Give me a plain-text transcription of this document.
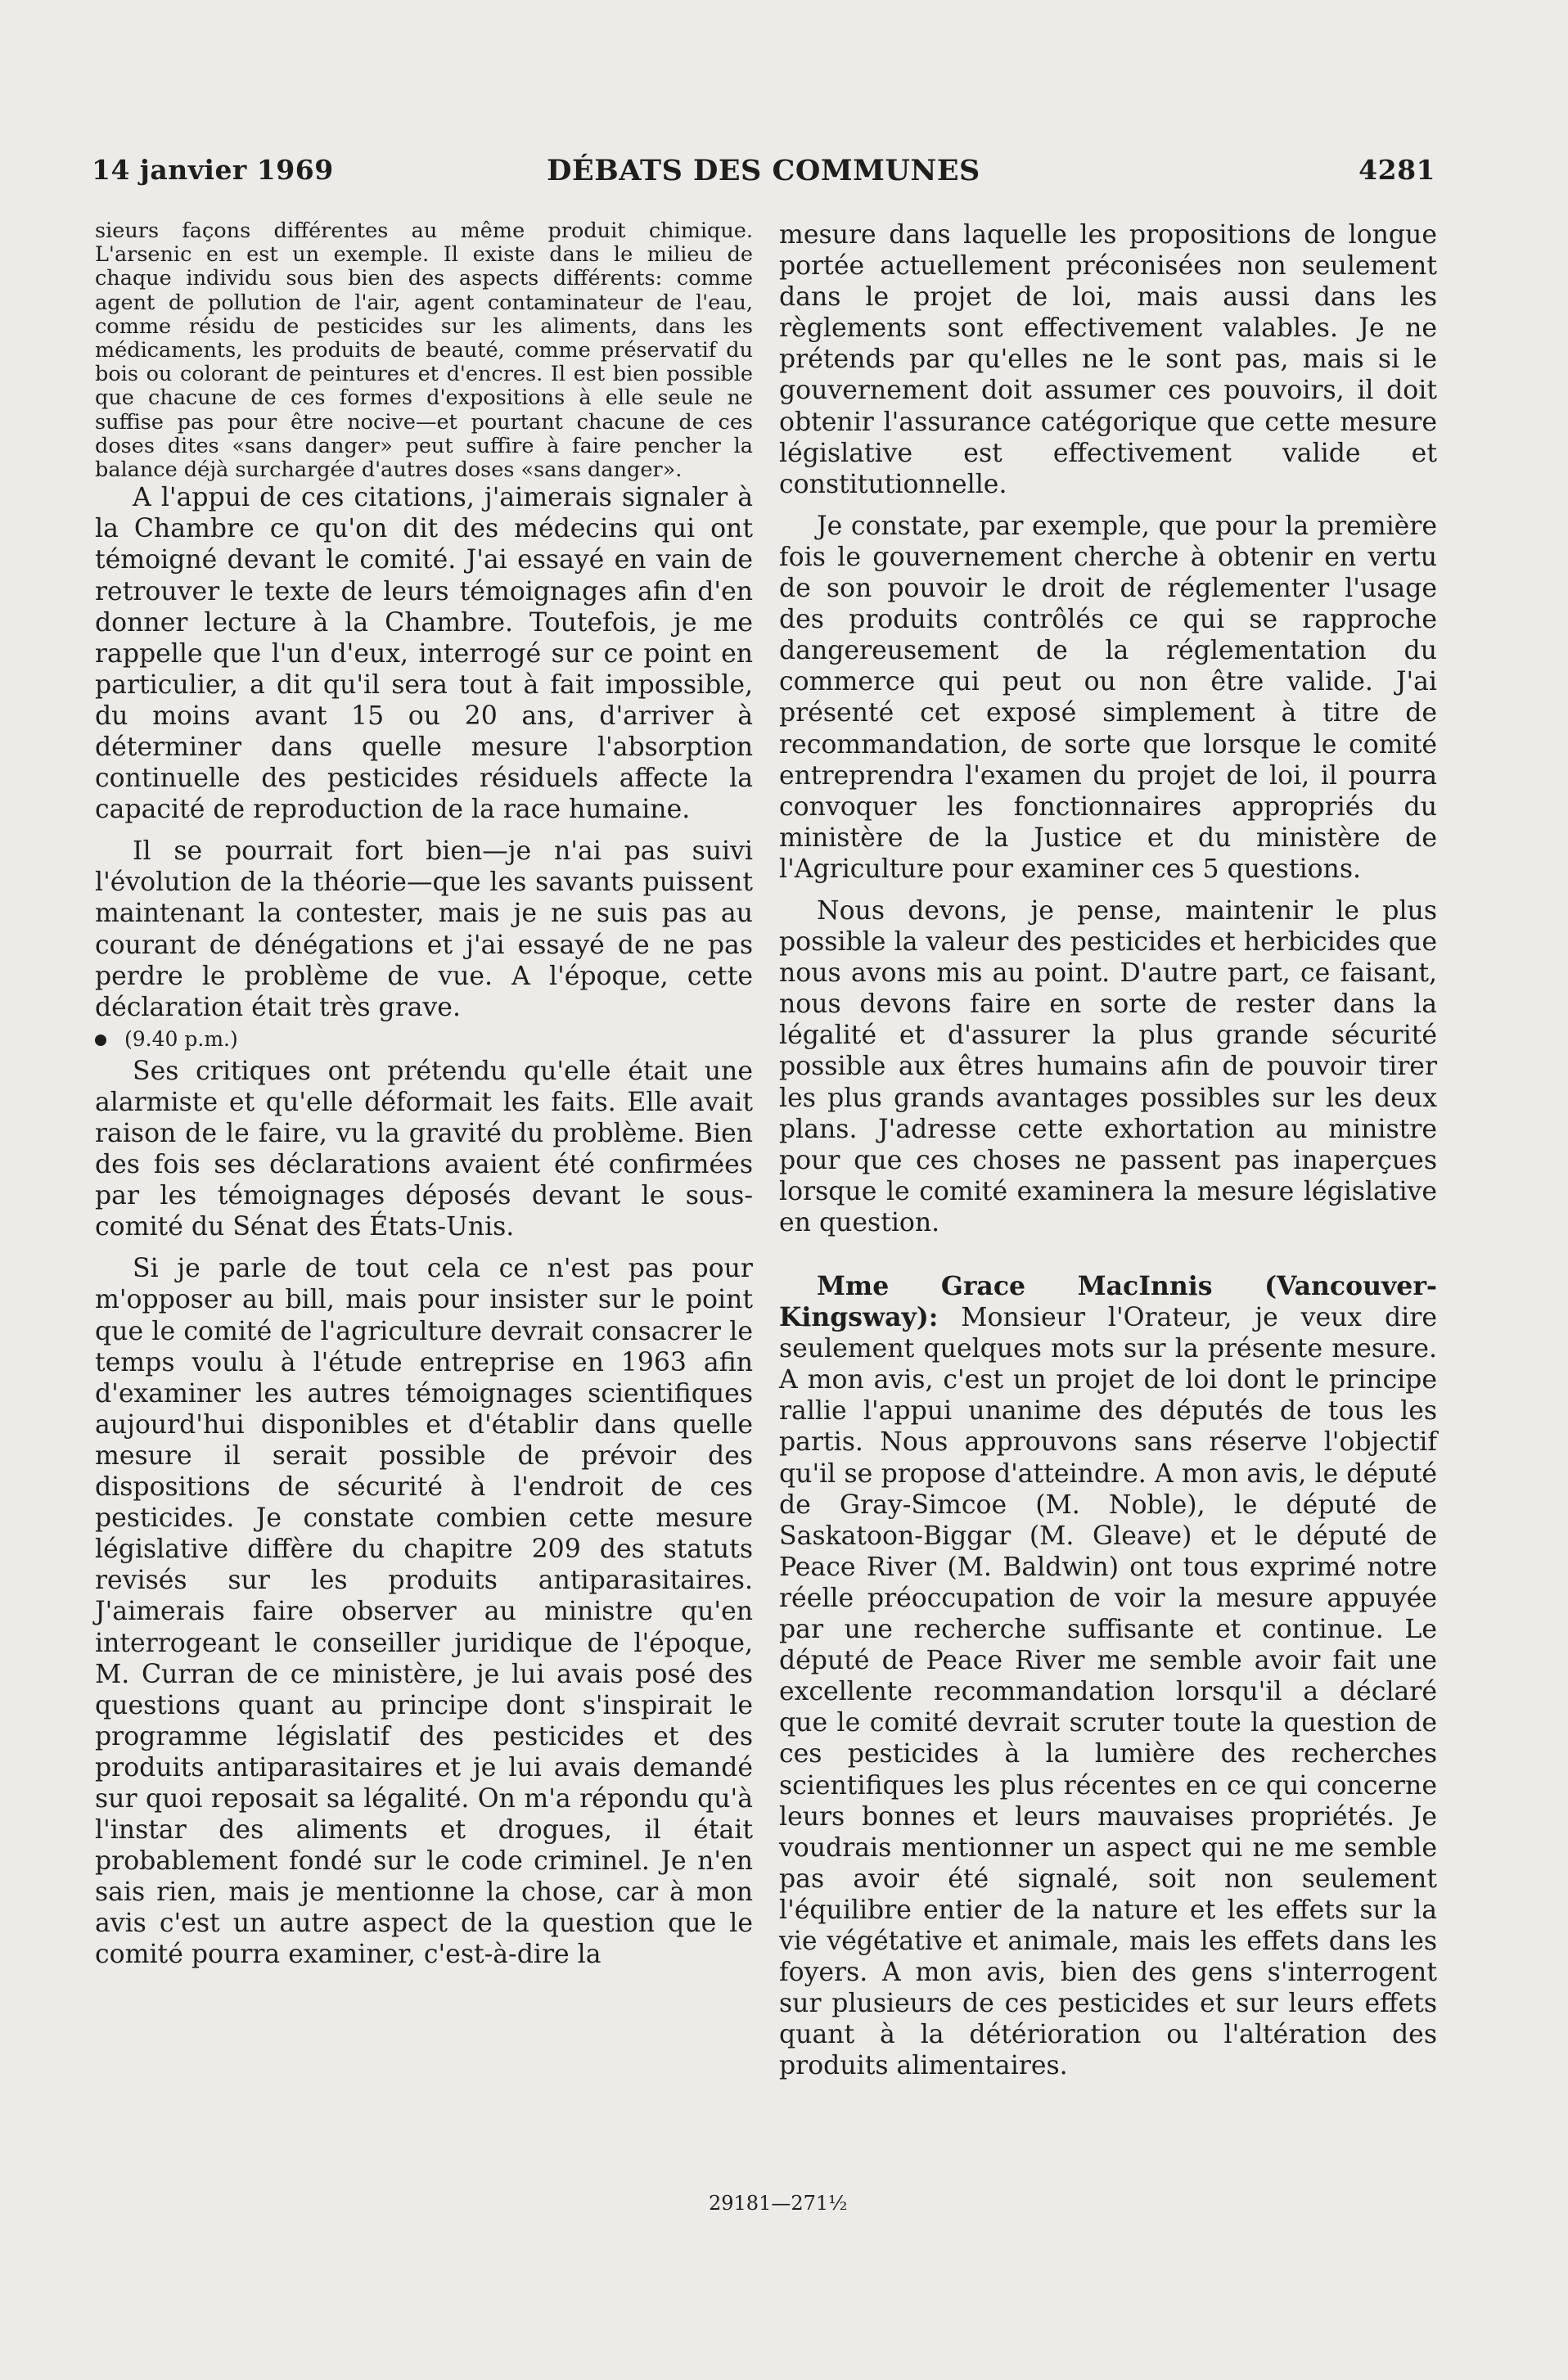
14 janvier 1969	DÉBATS DES COMMUNES	4281

sieurs façons différentes au même produit chimique. L'arsenic en est un exemple. Il existe dans le milieu de chaque individu sous bien des aspects différents: comme agent de pollution de l'air, agent contaminateur de l'eau, comme résidu de pesticides sur les aliments, dans les médicaments, les produits de beauté, comme préservatif du bois ou colorant de peintures et d'encres. Il est bien possible que chacune de ces formes d'expositions à elle seule ne suffise pas pour être nocive—et pourtant chacune de ces doses dites «sans danger» peut suffire à faire pencher la balance déjà surchargée d'autres doses «sans danger».

A l'appui de ces citations, j'aimerais signaler à la Chambre ce qu'on dit des médecins qui ont témoigné devant le comité. J'ai essayé en vain de retrouver le texte de leurs témoignages afin d'en donner lecture à la Chambre. Toutefois, je me rappelle que l'un d'eux, interrogé sur ce point en particulier, a dit qu'il sera tout à fait impossible, du moins avant 15 ou 20 ans, d'arriver à déterminer dans quelle mesure l'absorption continuelle des pesticides résiduels affecte la capacité de reproduction de la race humaine.

Il se pourrait fort bien—je n'ai pas suivi l'évolution de la théorie—que les savants puissent maintenant la contester, mais je ne suis pas au courant de dénégations et j'ai essayé de ne pas perdre le problème de vue. A l'époque, cette déclaration était très grave.

(9.40 p.m.)

Ses critiques ont prétendu qu'elle était une alarmiste et qu'elle déformait les faits. Elle avait raison de le faire, vu la gravité du problème. Bien des fois ses déclarations avaient été confirmées par les témoignages déposés devant le sous-comité du Sénat des États-Unis.

Si je parle de tout cela ce n'est pas pour m'opposer au bill, mais pour insister sur le point que le comité de l'agriculture devrait consacrer le temps voulu à l'étude entreprise en 1963 afin d'examiner les autres témoignages scientifiques aujourd'hui disponibles et d'établir dans quelle mesure il serait possible de prévoir des dispositions de sécurité à l'endroit de ces pesticides. Je constate combien cette mesure législative diffère du chapitre 209 des statuts revisés sur les produits antiparasitaires. J'aimerais faire observer au ministre qu'en interrogeant le conseiller juridique de l'époque, M. Curran de ce ministère, je lui avais posé des questions quant au principe dont s'inspirait le programme législatif des pesticides et des produits antiparasitaires et je lui avais demandé sur quoi reposait sa légalité. On m'a répondu qu'à l'instar des aliments et drogues, il était probablement fondé sur le code criminel. Je n'en sais rien, mais je mentionne la chose, car à mon avis c'est un autre aspect de la question que le comité pourra examiner, c'est-à-dire la

mesure dans laquelle les propositions de longue portée actuellement préconisées non seulement dans le projet de loi, mais aussi dans les règlements sont effectivement valables. Je ne prétends par qu'elles ne le sont pas, mais si le gouvernement doit assumer ces pouvoirs, il doit obtenir l'assurance catégorique que cette mesure législative est effectivement valide et constitutionnelle.

Je constate, par exemple, que pour la première fois le gouvernement cherche à obtenir en vertu de son pouvoir le droit de réglementer l'usage des produits contrôlés ce qui se rapproche dangereusement de la réglementation du commerce qui peut ou non être valide. J'ai présenté cet exposé simplement à titre de recommandation, de sorte que lorsque le comité entreprendra l'examen du projet de loi, il pourra convoquer les fonctionnaires appropriés du ministère de la Justice et du ministère de l'Agriculture pour examiner ces 5 questions.

Nous devons, je pense, maintenir le plus possible la valeur des pesticides et herbicides que nous avons mis au point. D'autre part, ce faisant, nous devons faire en sorte de rester dans la légalité et d'assurer la plus grande sécurité possible aux êtres humains afin de pouvoir tirer les plus grands avantages possibles sur les deux plans. J'adresse cette exhortation au ministre pour que ces choses ne passent pas inaperçues lorsque le comité examinera la mesure législative en question.

Mme Grace MacInnis (Vancouver-Kingsway): Monsieur l'Orateur, je veux dire seulement quelques mots sur la présente mesure. A mon avis, c'est un projet de loi dont le principe rallie l'appui unanime des députés de tous les partis. Nous approuvons sans réserve l'objectif qu'il se propose d'atteindre. A mon avis, le député de Gray-Simcoe (M. Noble), le député de Saskatoon-Biggar (M. Gleave) et le député de Peace River (M. Baldwin) ont tous exprimé notre réelle préoccupation de voir la mesure appuyée par une recherche suffisante et continue. Le député de Peace River me semble avoir fait une excellente recommandation lorsqu'il a déclaré que le comité devrait scruter toute la question de ces pesticides à la lumière des recherches scientifiques les plus récentes en ce qui concerne leurs bonnes et leurs mauvaises propriétés. Je voudrais mentionner un aspect qui ne me semble pas avoir été signalé, soit non seulement l'équilibre entier de la nature et les effets sur la vie végétative et animale, mais les effets dans les foyers. A mon avis, bien des gens s'interrogent sur plusieurs de ces pesticides et sur leurs effets quant à la détérioration ou l'altération des produits alimentaires.

29181—271½
